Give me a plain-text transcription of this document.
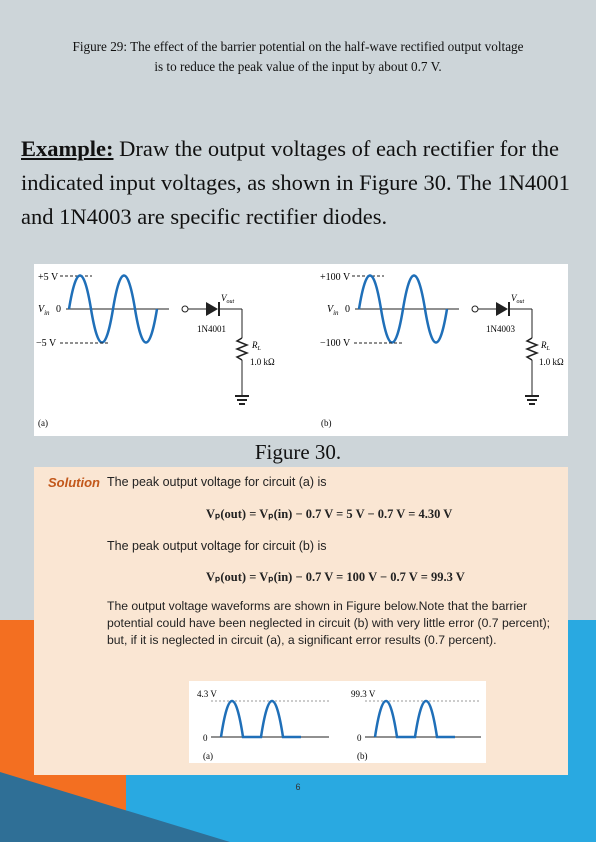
Figure 29: The effect of the barrier potential on the half-wave rectified output voltage
is to reduce the peak value of the input by about 0.7 V.
Example: Draw the output voltages of each rectifier for the indicated input voltages, as shown in Figure 30. The 1N4001 and 1N4003 are specific rectifier diodes.
+5 V
$V_{in}$ 0
−5 V
$V_{out}$
1N4001
$R_L$
1.0 kΩ
(a)
+100 V
$V_{in}$ 0
−100 V
$V_{out}$
1N4003
$R_L$
1.0 kΩ
(b)
Figure 30.
Solution The peak output voltage for circuit (a) is
Vₚ(out) = Vₚ(in) − 0.7 V = 5 V − 0.7 V = 4.30 V
The peak output voltage for circuit (b) is
Vₚ(out) = Vₚ(in) − 0.7 V = 100 V − 0.7 V = 99.3 V
The output voltage waveforms are shown in Figure below.Note that the barrier potential could have been neglected in circuit (b) with very little error (0.7 percent); but, if it is neglected in circuit (a), a significant error results (0.7 percent).
4.3 V
0
(a)
99.3 V
0
(b)
6
